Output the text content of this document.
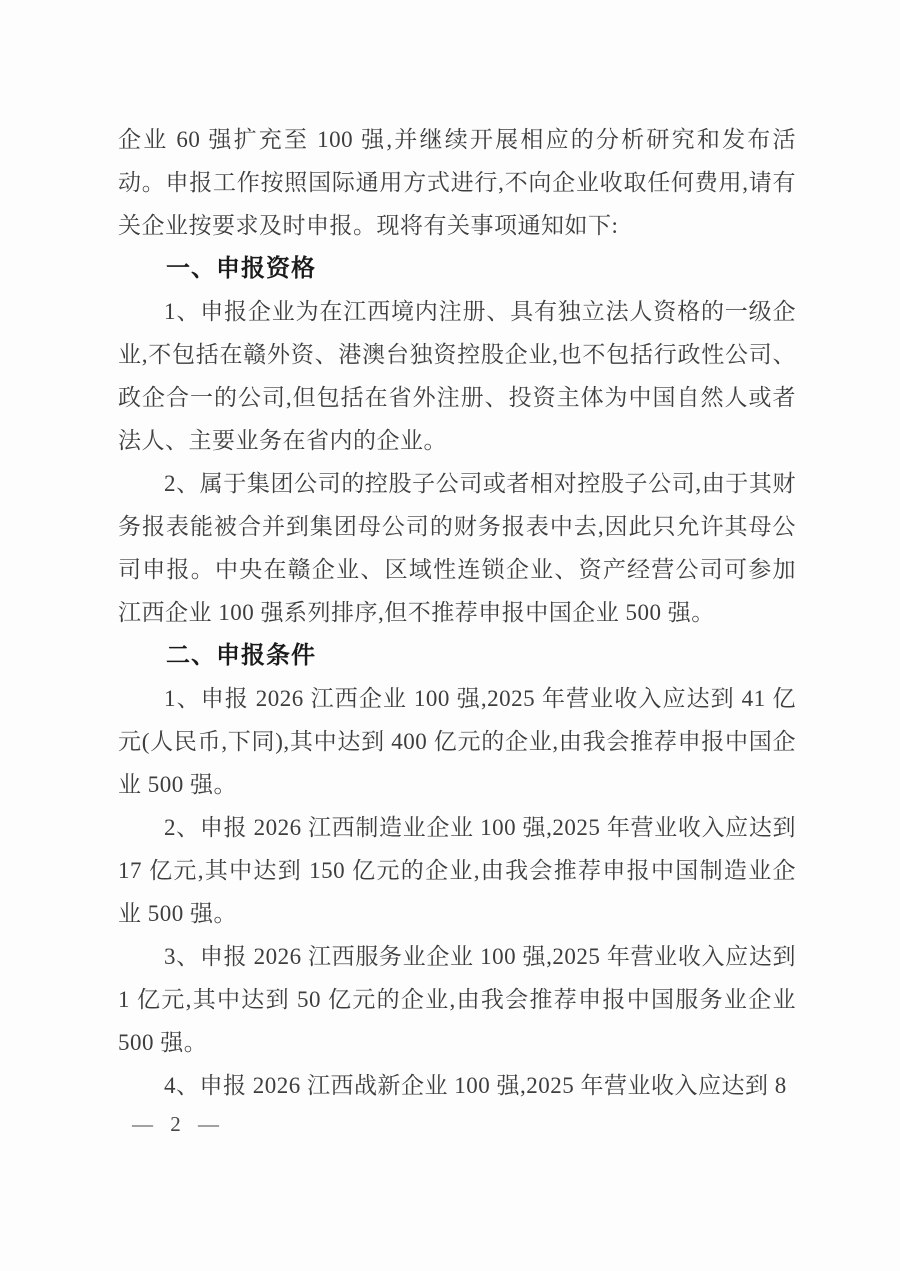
企业 60 强扩充至 100 强,并继续开展相应的分析研究和发布活动。申报工作按照国际通用方式进行,不向企业收取任何费用,请有关企业按要求及时申报。现将有关事项通知如下:

一、申报资格

1、申报企业为在江西境内注册、具有独立法人资格的一级企业,不包括在赣外资、港澳台独资控股企业,也不包括行政性公司、政企合一的公司,但包括在省外注册、投资主体为中国自然人或者法人、主要业务在省内的企业。

2、属于集团公司的控股子公司或者相对控股子公司,由于其财务报表能被合并到集团母公司的财务报表中去,因此只允许其母公司申报。中央在赣企业、区域性连锁企业、资产经营公司可参加江西企业 100 强系列排序,但不推荐申报中国企业 500 强。

二、申报条件

1、申报 2026 江西企业 100 强,2025 年营业收入应达到 41 亿元(人民币,下同),其中达到 400 亿元的企业,由我会推荐申报中国企业 500 强。

2、申报 2026 江西制造业企业 100 强,2025 年营业收入应达到 17 亿元,其中达到 150 亿元的企业,由我会推荐申报中国制造业企业 500 强。

3、申报 2026 江西服务业企业 100 强,2025 年营业收入应达到 1 亿元,其中达到 50 亿元的企业,由我会推荐申报中国服务业企业 500 强。

4、申报 2026 江西战新企业 100 强,2025 年营业收入应达到 8

— 2 —
